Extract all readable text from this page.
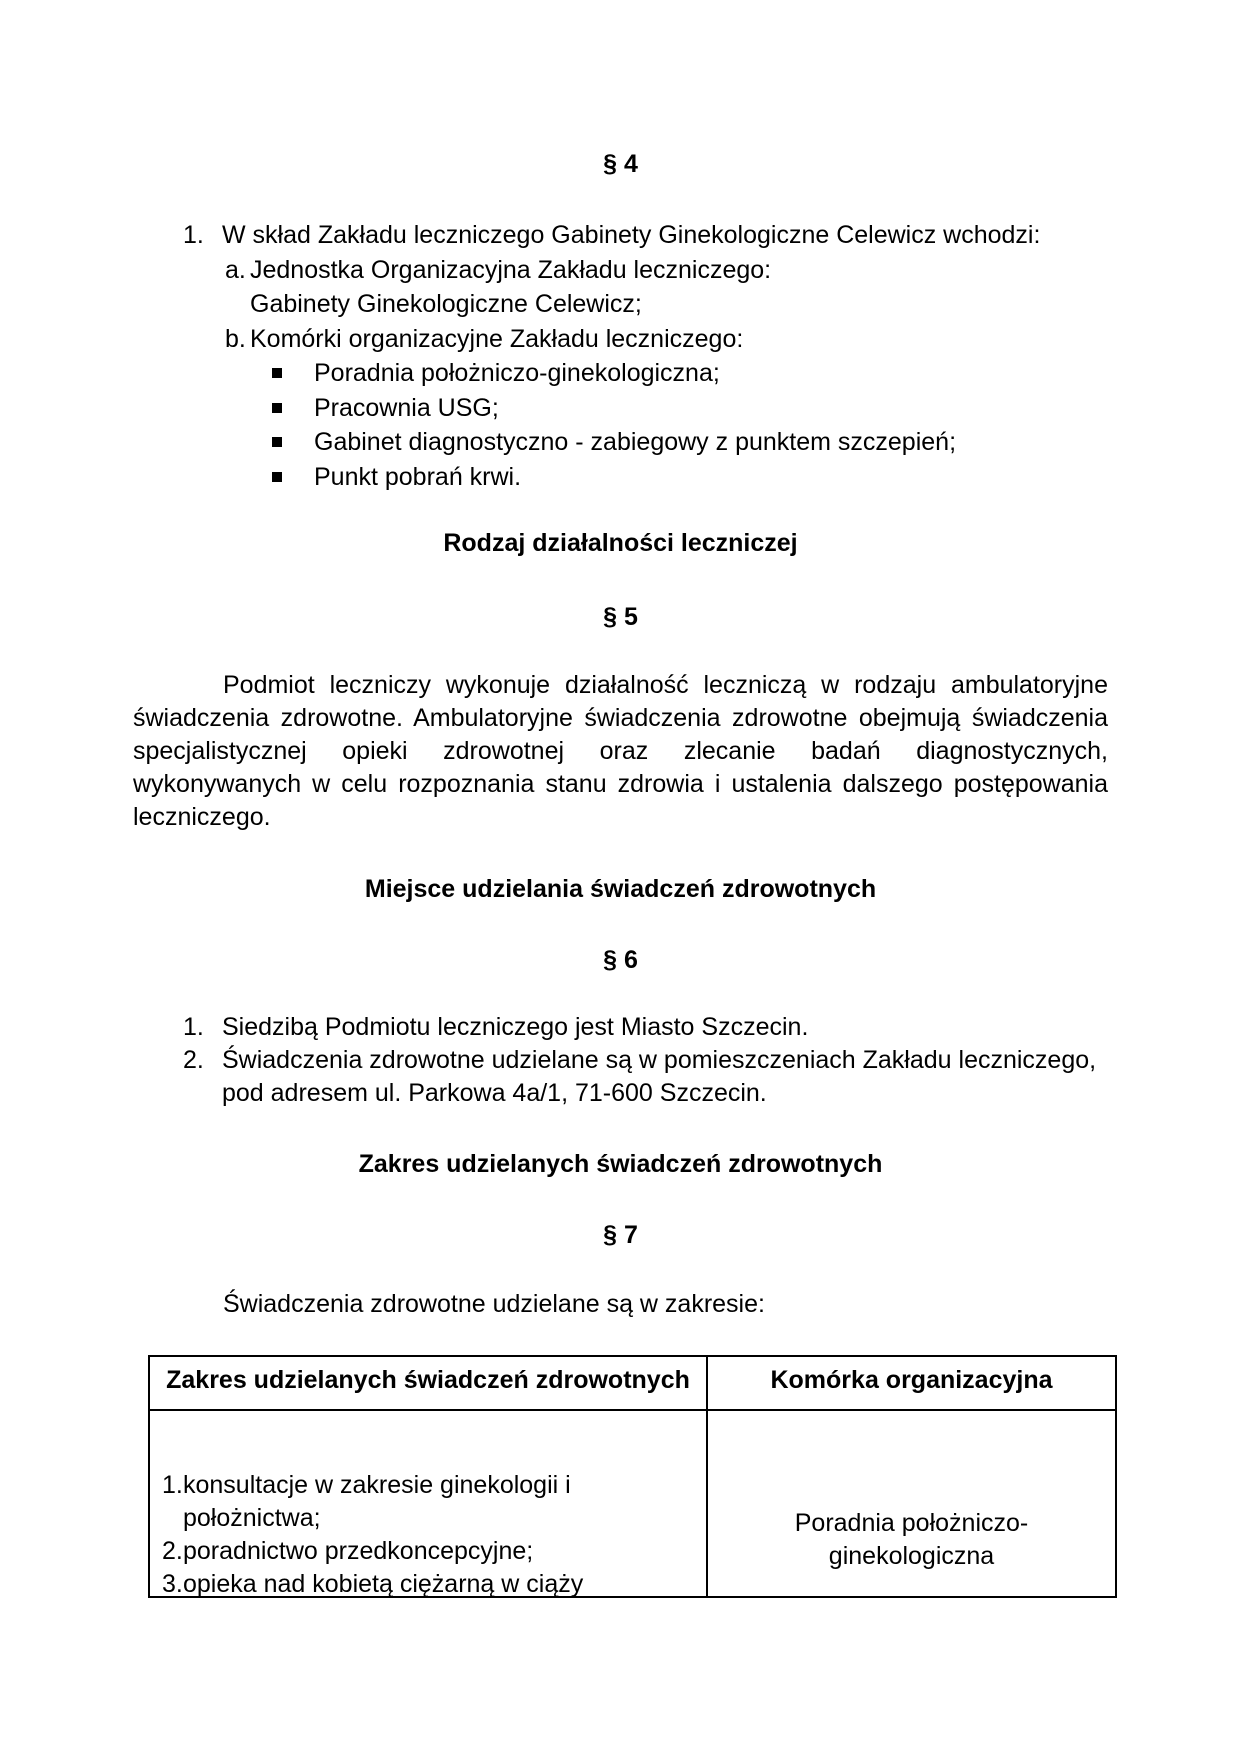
§ 4
1. W skład Zakładu leczniczego Gabinety Ginekologiczne Celewicz wchodzi:
a. Jednostka Organizacyjna Zakładu leczniczego:
Gabinety Ginekologiczne Celewicz;
b. Komórki organizacyjne Zakładu leczniczego:
Poradnia położniczo-ginekologiczna;
Pracownia USG;
Gabinet diagnostyczno - zabiegowy z punktem szczepień;
Punkt pobrań krwi.
Rodzaj działalności leczniczej
§ 5
Podmiot leczniczy wykonuje działalność leczniczą w rodzaju ambulatoryjne świadczenia zdrowotne. Ambulatoryjne świadczenia zdrowotne obejmują świadczenia specjalistycznej opieki zdrowotnej oraz zlecanie badań diagnostycznych, wykonywanych w celu rozpoznania stanu zdrowia i ustalenia dalszego postępowania leczniczego.
Miejsce udzielania świadczeń zdrowotnych
§ 6
1. Siedzibą Podmiotu leczniczego jest Miasto Szczecin.
2. Świadczenia zdrowotne udzielane są w pomieszczeniach Zakładu leczniczego, pod adresem ul. Parkowa 4a/1, 71-600 Szczecin.
Zakres udzielanych świadczeń zdrowotnych
§ 7
Świadczenia zdrowotne udzielane są w zakresie:
Zakres udzielanych świadczeń zdrowotnych	Komórka organizacyjna
1. konsultacje w zakresie ginekologii i położnictwa;
2. poradnictwo przedkoncepcyjne;
3. opieka nad kobietą ciężarną w ciąży
Poradnia położniczo-
ginekologiczna
